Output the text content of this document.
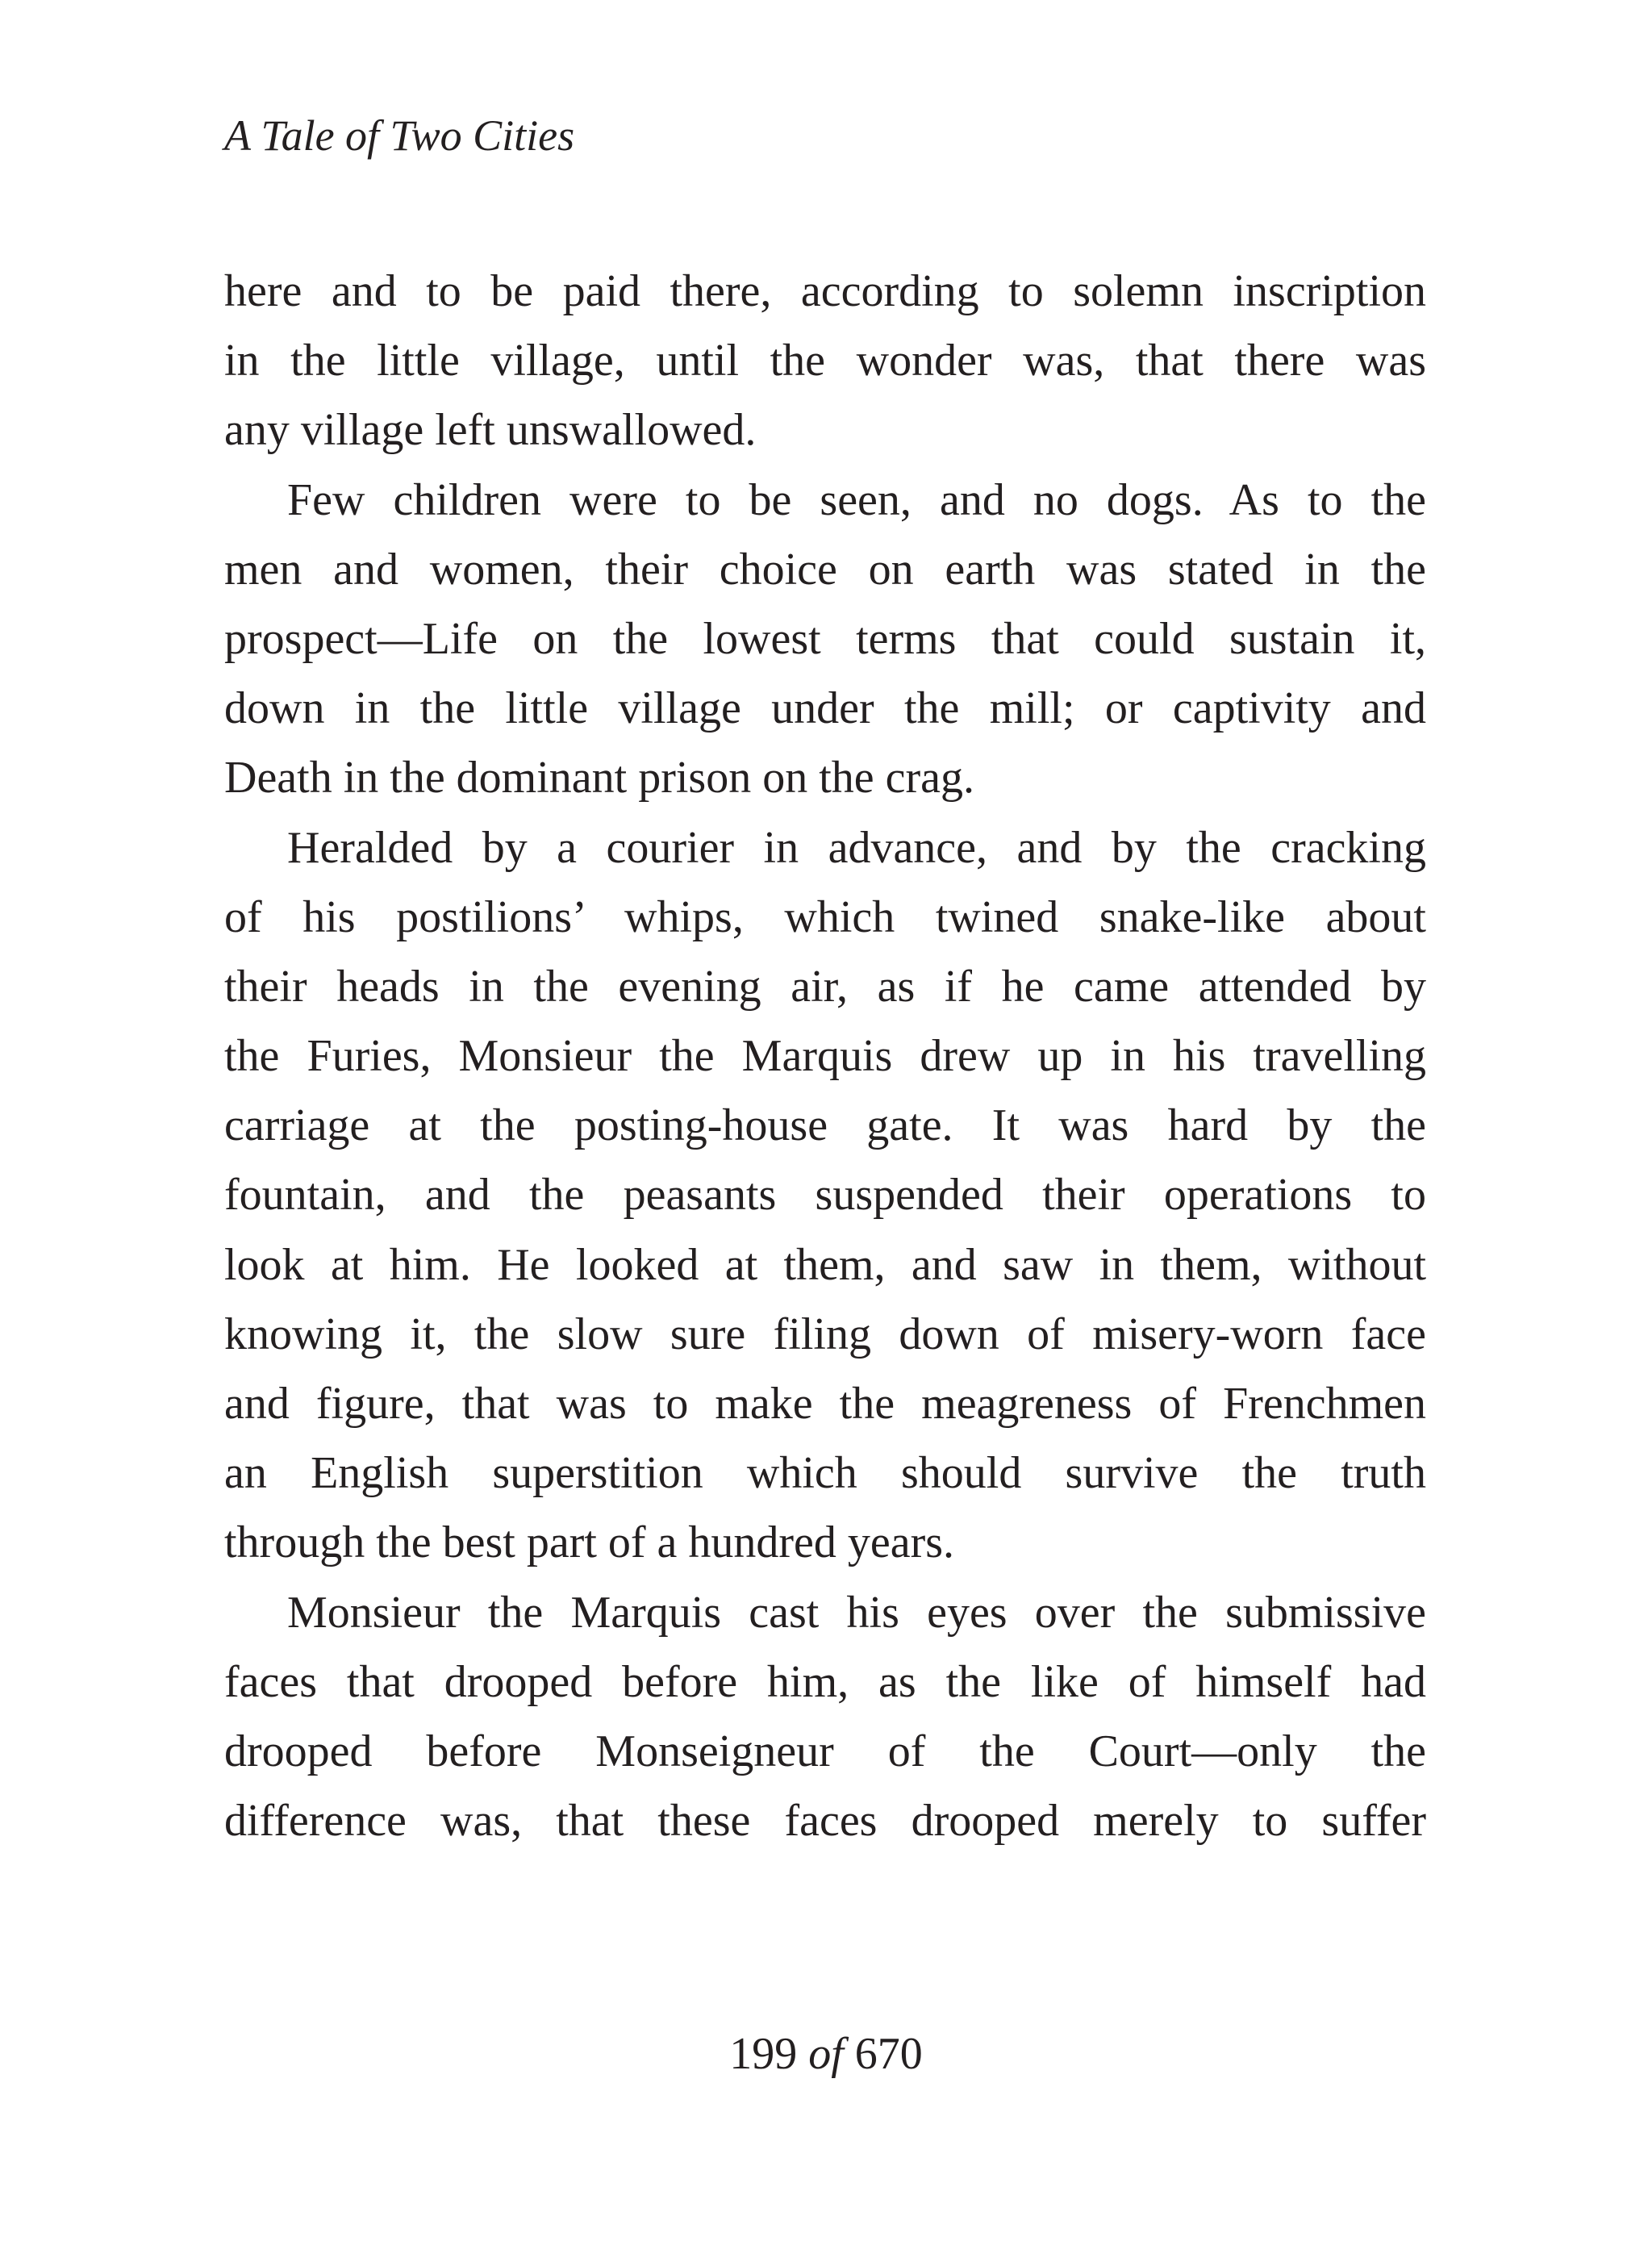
A Tale of Two Cities
here and to be paid there, according to solemn inscription
in the little village, until the wonder was, that there was
any village left unswallowed.
Few children were to be seen, and no dogs. As to the
men and women, their choice on earth was stated in the
prospect—Life on the lowest terms that could sustain it,
down in the little village under the mill; or captivity and
Death in the dominant prison on the crag.
Heralded by a courier in advance, and by the cracking
of his postilions’ whips, which twined snake-like about
their heads in the evening air, as if he came attended by
the Furies, Monsieur the Marquis drew up in his travelling
carriage at the posting-house gate. It was hard by the
fountain, and the peasants suspended their operations to
look at him. He looked at them, and saw in them, without
knowing it, the slow sure filing down of misery-worn face
and figure, that was to make the meagreness of Frenchmen
an English superstition which should survive the truth
through the best part of a hundred years.
Monsieur the Marquis cast his eyes over the submissive
faces that drooped before him, as the like of himself had
drooped before Monseigneur of the Court—only the
difference was, that these faces drooped merely to suffer
199 of 670
